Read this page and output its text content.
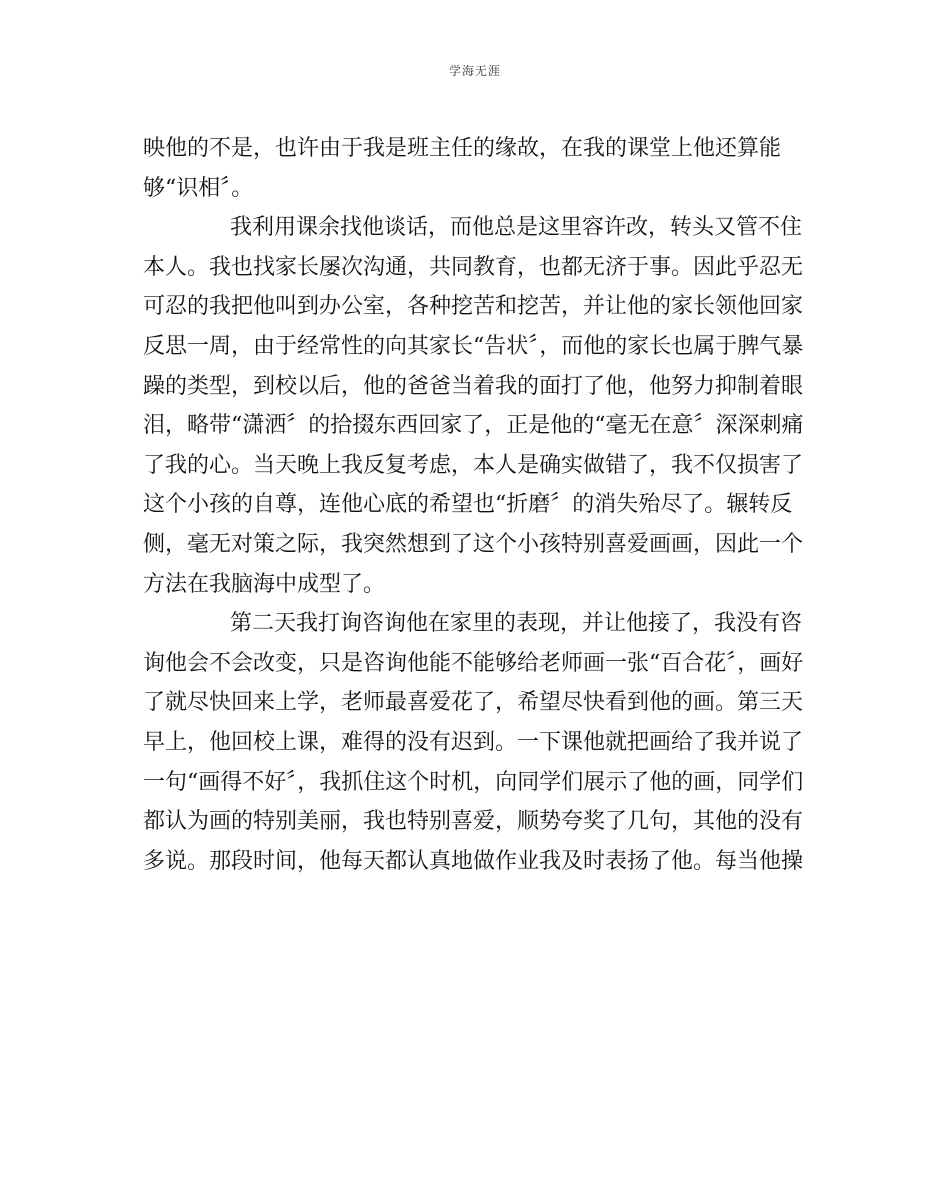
学海无涯
映他的不是，也许由于我是班主任的缘故，在我的课堂上他还算能
够“识相〞。
我利用课余找他谈话，而他总是这里容许改，转头又管不住
本人。我也找家长屡次沟通，共同教育，也都无济于事。因此乎忍无
可忍的我把他叫到办公室，各种挖苦和挖苦，并让他的家长领他回家
反思一周，由于经常性的向其家长“告状〞，而他的家长也属于脾气暴
躁的类型，到校以后，他的爸爸当着我的面打了他，他努力抑制着眼
泪，略带“潇洒〞的拾掇东西回家了，正是他的“毫无在意〞深深刺痛
了我的心。当天晚上我反复考虑，本人是确实做错了，我不仅损害了
这个小孩的自尊，连他心底的希望也“折磨〞的消失殆尽了。辗转反
侧，毫无对策之际，我突然想到了这个小孩特别喜爱画画，因此一个
方法在我脑海中成型了。
第二天我打询咨询他在家里的表现，并让他接了，我没有咨
询他会不会改变，只是咨询他能不能够给老师画一张“百合花〞，画好
了就尽快回来上学，老师最喜爱花了，希望尽快看到他的画。第三天
早上，他回校上课，难得的没有迟到。一下课他就把画给了我并说了
一句“画得不好〞，我抓住这个时机，向同学们展示了他的画，同学们
都认为画的特别美丽，我也特别喜爱，顺势夸奖了几句，其他的没有
多说。那段时间，他每天都认真地做作业我及时表扬了他。每当他操
